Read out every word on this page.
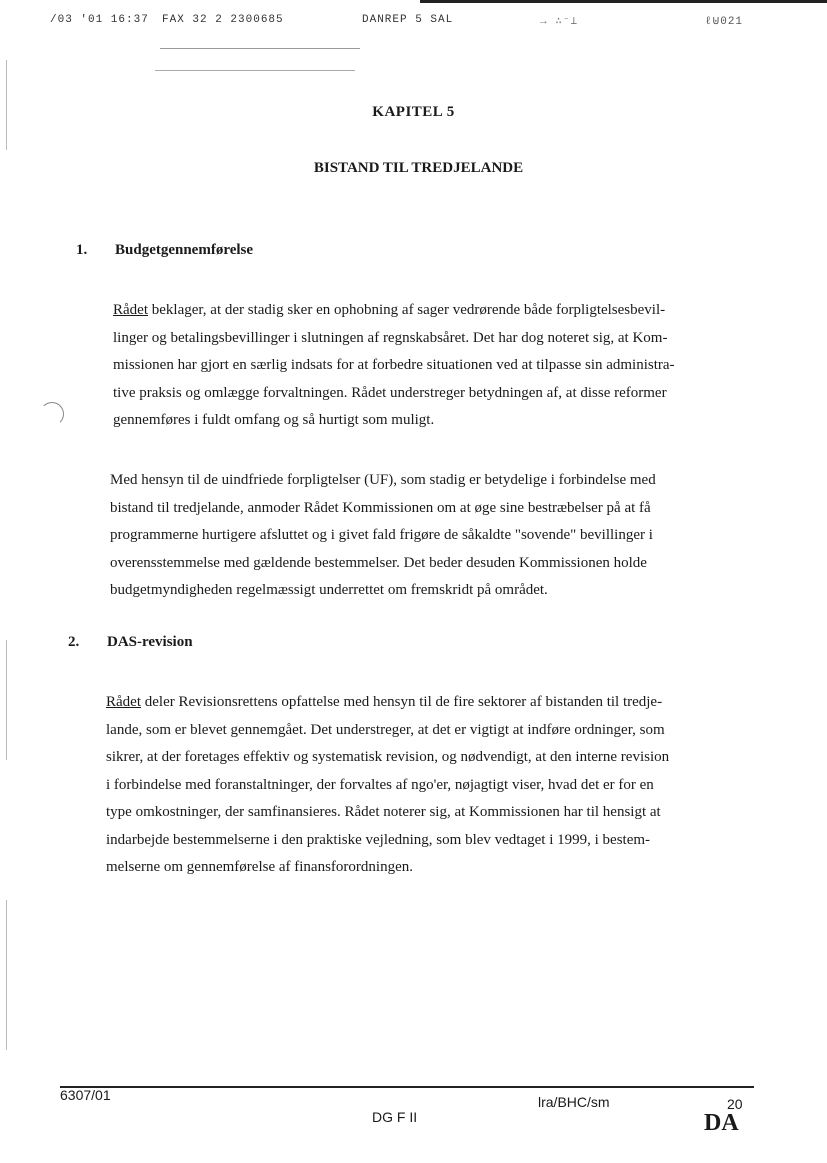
/03 '01 16:37 FAX 32 2 2300685	DANREP 5 SAL	→ ∴⁻⊥	ℓ⊎021
KAPITEL 5
BISTAND TIL TREDJELANDE
1. Budgetgennemførelse
Rådet beklager, at der stadig sker en ophobning af sager vedrørende både forpligtelsesbevil-
linger og betalingsbevillinger i slutningen af regnskabsåret. Det har dog noteret sig, at Kom-
missionen har gjort en særlig indsats for at forbedre situationen ved at tilpasse sin administra-
tive praksis og omlægge forvaltningen. Rådet understreger betydningen af, at disse reformer
gennemføres i fuldt omfang og så hurtigt som muligt.
Med hensyn til de uindfriede forpligtelser (UF), som stadig er betydelige i forbindelse med
bistand til tredjelande, anmoder Rådet Kommissionen om at øge sine bestræbelser på at få
programmerne hurtigere afsluttet og i givet fald frigøre de såkaldte "sovende" bevillinger i
overensstemmelse med gældende bestemmelser. Det beder desuden Kommissionen holde
budgetmyndigheden regelmæssigt underrettet om fremskridt på området.
2. DAS-revision
Rådet deler Revisionsrettens opfattelse med hensyn til de fire sektorer af bistanden til tredje-
lande, som er blevet gennemgået. Det understreger, at det er vigtigt at indføre ordninger, som
sikrer, at der foretages effektiv og systematisk revision, og nødvendigt, at den interne revision
i forbindelse med foranstaltninger, der forvaltes af ngo'er, nøjagtigt viser, hvad det er for en
type omkostninger, der samfinansieres. Rådet noterer sig, at Kommissionen har til hensigt at
indarbejde bestemmelserne i den praktiske vejledning, som blev vedtaget i 1999, i bestem-
melserne om gennemførelse af finansforordningen.
6307/01
DG F II
lra/BHC/sm	20
DA
